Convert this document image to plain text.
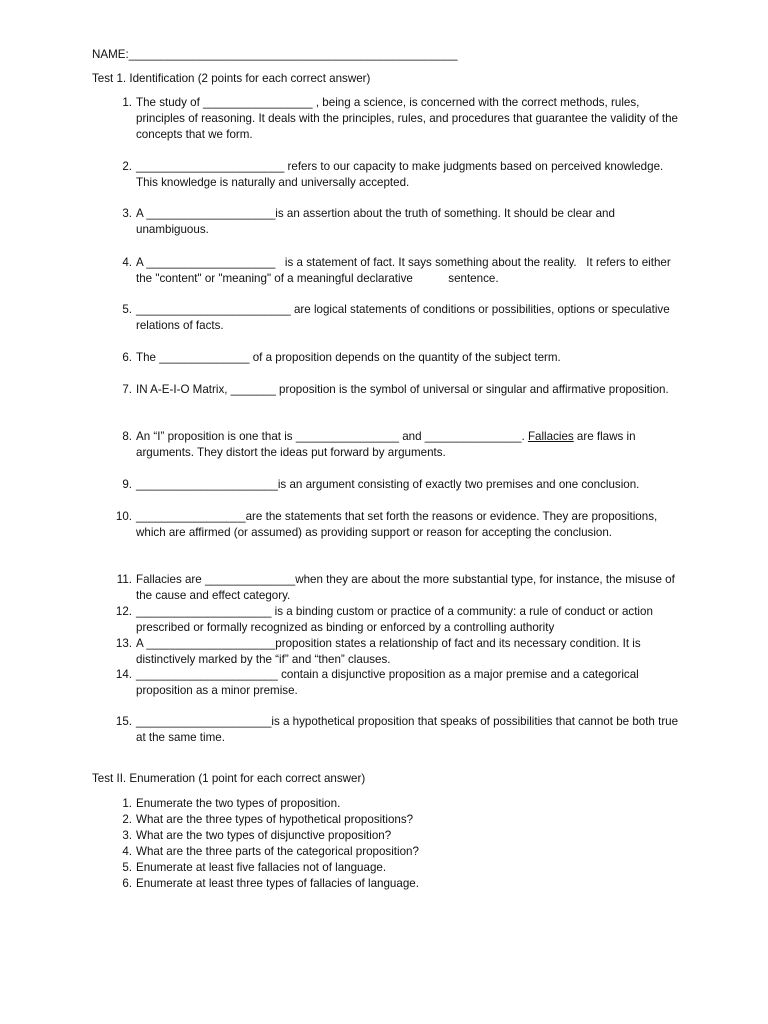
NAME:___________________________________________________
Test 1. Identification (2 points for each correct answer)
1. The study of _________________ , being a science, is concerned with the correct methods, rules, principles of reasoning. It deals with the principles, rules, and procedures that guarantee the validity of the concepts that we form.
2. _______________________ refers to our capacity to make judgments based on perceived knowledge. This knowledge is naturally and universally accepted.
3. A ____________________is an assertion about the truth of something. It should be clear and unambiguous.
4. A ____________________   is a statement of fact. It says something about the reality.   It refers to either the "content" or "meaning" of a meaningful declarative           sentence.
5. ________________________ are logical statements of conditions or possibilities, options or speculative relations of facts.
6. The ______________ of a proposition depends on the quantity of the subject term.
7. IN A-E-I-O Matrix, _______ proposition is the symbol of universal or singular and affirmative proposition.
8. An “I” proposition is one that is ________________ and _______________. Fallacies are flaws in arguments. They distort the ideas put forward by arguments.
9. ______________________is an argument consisting of exactly two premises and one conclusion.
10. _________________are the statements that set forth the reasons or evidence. They are propositions, which are affirmed (or assumed) as providing support or reason for accepting the conclusion.
11. Fallacies are ______________when they are about the more substantial type, for instance, the misuse of the cause and effect category.
12. _____________________ is a binding custom or practice of a community: a rule of conduct or action prescribed or formally recognized as binding or enforced by a controlling authority
13. A ____________________proposition states a relationship of fact and its necessary condition. It is distinctively marked by the “if” and “then” clauses.
14. ______________________ contain a disjunctive proposition as a major premise and a categorical proposition as a minor premise.
15. _____________________is a hypothetical proposition that speaks of possibilities that cannot be both true at the same time.
Test II. Enumeration (1 point for each correct answer)
1. Enumerate the two types of proposition.
2. What are the three types of hypothetical propositions?
3. What are the two types of disjunctive proposition?
4. What are the three parts of the categorical proposition?
5. Enumerate at least five fallacies not of language.
6. Enumerate at least three types of fallacies of language.
